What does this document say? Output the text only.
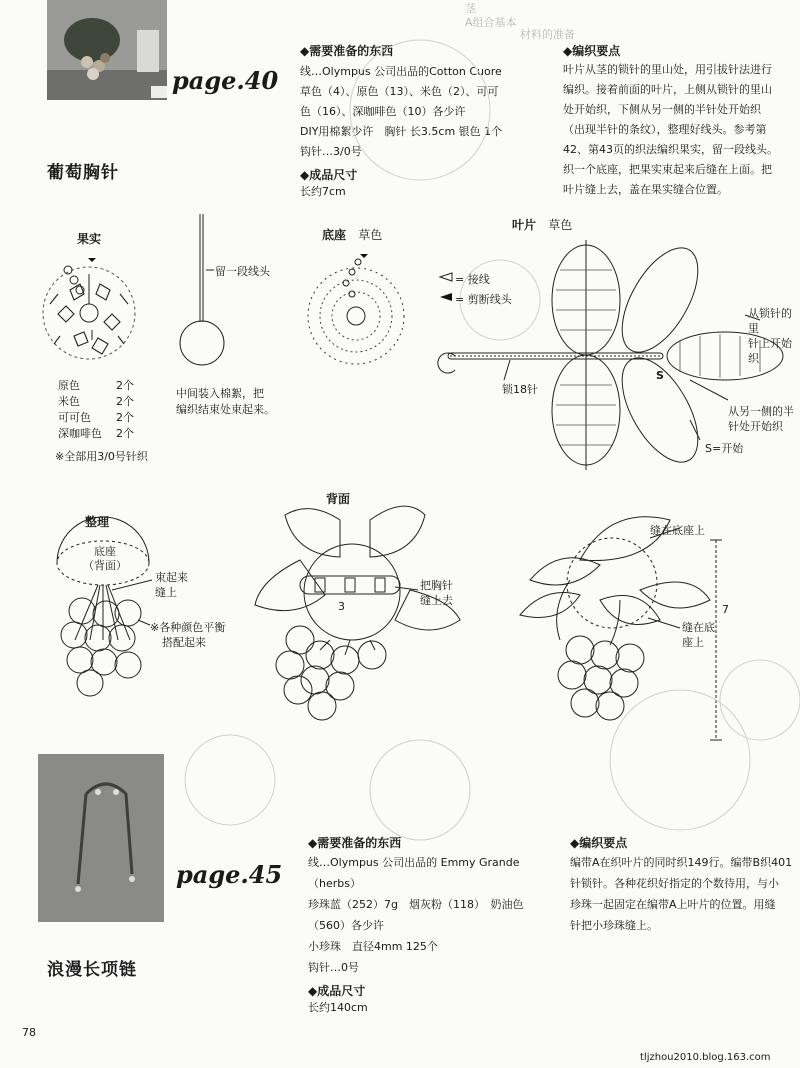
page.40
葡萄胸针
材料的准备
茎
A组合基本
◆需要准备的东西
线…Olympus 公司出品的Cotton Cuore
草色（4）、原色（13）、米色（2）、可可
色（16）、深咖啡色（10）各少许
DIY用棉絮少许　胸针 长3.5cm 银色 1个
钩针…3/0号
◆成品尺寸
长约7cm
◆编织要点
叶片从茎的锁针的里山处，用引拔针法进行
编织。接着前面的叶片，上侧从锁针的里山
处开始织，下侧从另一侧的半针处开始织
（出现半针的条纹），整理好线头。参考第
42、第43页的织法编织果实，留一段线头。
织一个底座，把果实束起来后缝在上面。把
叶片缝上去，盖在果实缝合位置。
果实
留一段线头
原色	2个
米色	2个
可可色 2个
深咖啡色 2个
※全部用3/0号针织
中间装入棉絮，把
编织结束处束起来。
底座 草色
叶片 草色
= 接线
= 剪断线头
锁18针
S
S=开始
从锁针的里
针上开始织
从另一侧的半
针处开始织
整理
底座
（背面）
束起来
缝上
※各种颜色平衡
搭配起来
背面
3
把胸针
缝上去
缝在底座上
缝在底
座上
7
page.45
浪漫长项链
◆需要准备的东西
线…Olympus 公司出品的 Emmy Grande
（herbs）
珍珠蓝（252）7g　烟灰粉（118）　奶油色
（560）各少许
小珍珠　直径4mm 125个
钩针…0号
◆成品尺寸
长约140cm
◆编织要点
编带A在织叶片的同时织149行。编带B织401
针锁针。各种花织好指定的个数待用，与小
珍珠一起固定在编带A上叶片的位置。用缝
针把小珍珠缝上。
78
tljzhou2010.blog.163.com
